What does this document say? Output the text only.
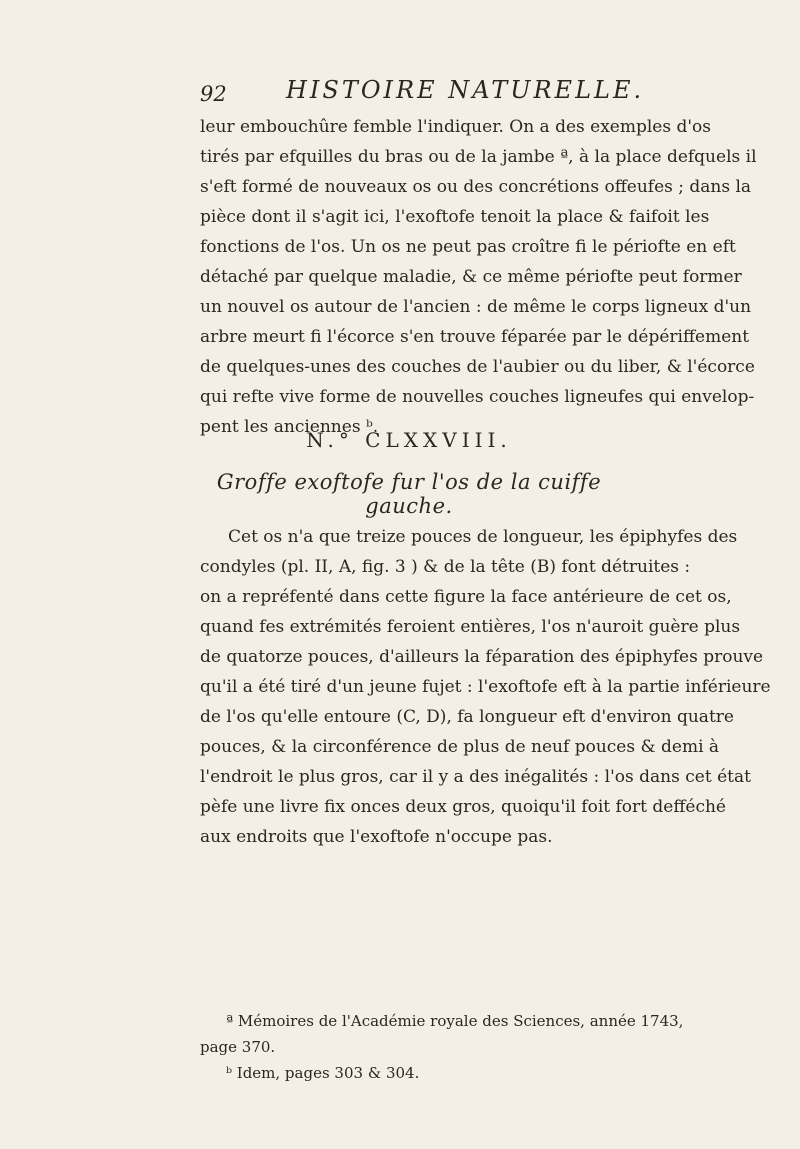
92 HISTOIRE NATURELLE.
leur embouchûre femble l'indiquer. On a des exemples d'os
tirés par efquilles du bras ou de la jambe ª, à la place defquels il
s'eft formé de nouveaux os ou des concrétions offeufes ; dans la
pièce dont il s'agit ici, l'exoftofe tenoit la place & faifoit les
fonctions de l'os. Un os ne peut pas croître fi le périofte en eft
détaché par quelque maladie, & ce même périofte peut former
un nouvel os autour de l'ancien : de même le corps ligneux d'un
arbre meurt fi l'écorce s'en trouve féparée par le dépériffement
de quelques-unes des couches de l'aubier ou du liber, & l'écorce
qui refte vive forme de nouvelles couches ligneufes qui envelop-
pent les anciennes ᵇ.
N.° CLXXVIII.
Groffe exoftofe fur l'os de la cuiffe gauche.
Cet os n'a que treize pouces de longueur, les épiphyfes des
condyles (pl. II, A, fig. 3 ) & de la tête (B) font détruites :
on a repréfenté dans cette figure la face antérieure de cet os,
quand fes extrémités feroient entières, l'os n'auroit guère plus
de quatorze pouces, d'ailleurs la féparation des épiphyfes prouve
qu'il a été tiré d'un jeune fujet : l'exoftofe eft à la partie inférieure
de l'os qu'elle entoure (C, D), fa longueur eft d'environ quatre
pouces, & la circonférence de plus de neuf pouces & demi à
l'endroit le plus gros, car il y a des inégalités : l'os dans cet état
pèfe une livre fix onces deux gros, quoiqu'il foit fort defféché
aux endroits que l'exoftofe n'occupe pas.
ª Mémoires de l'Académie royale des Sciences, année 1743,
page 370.
ᵇ Idem, pages 303 & 304.
